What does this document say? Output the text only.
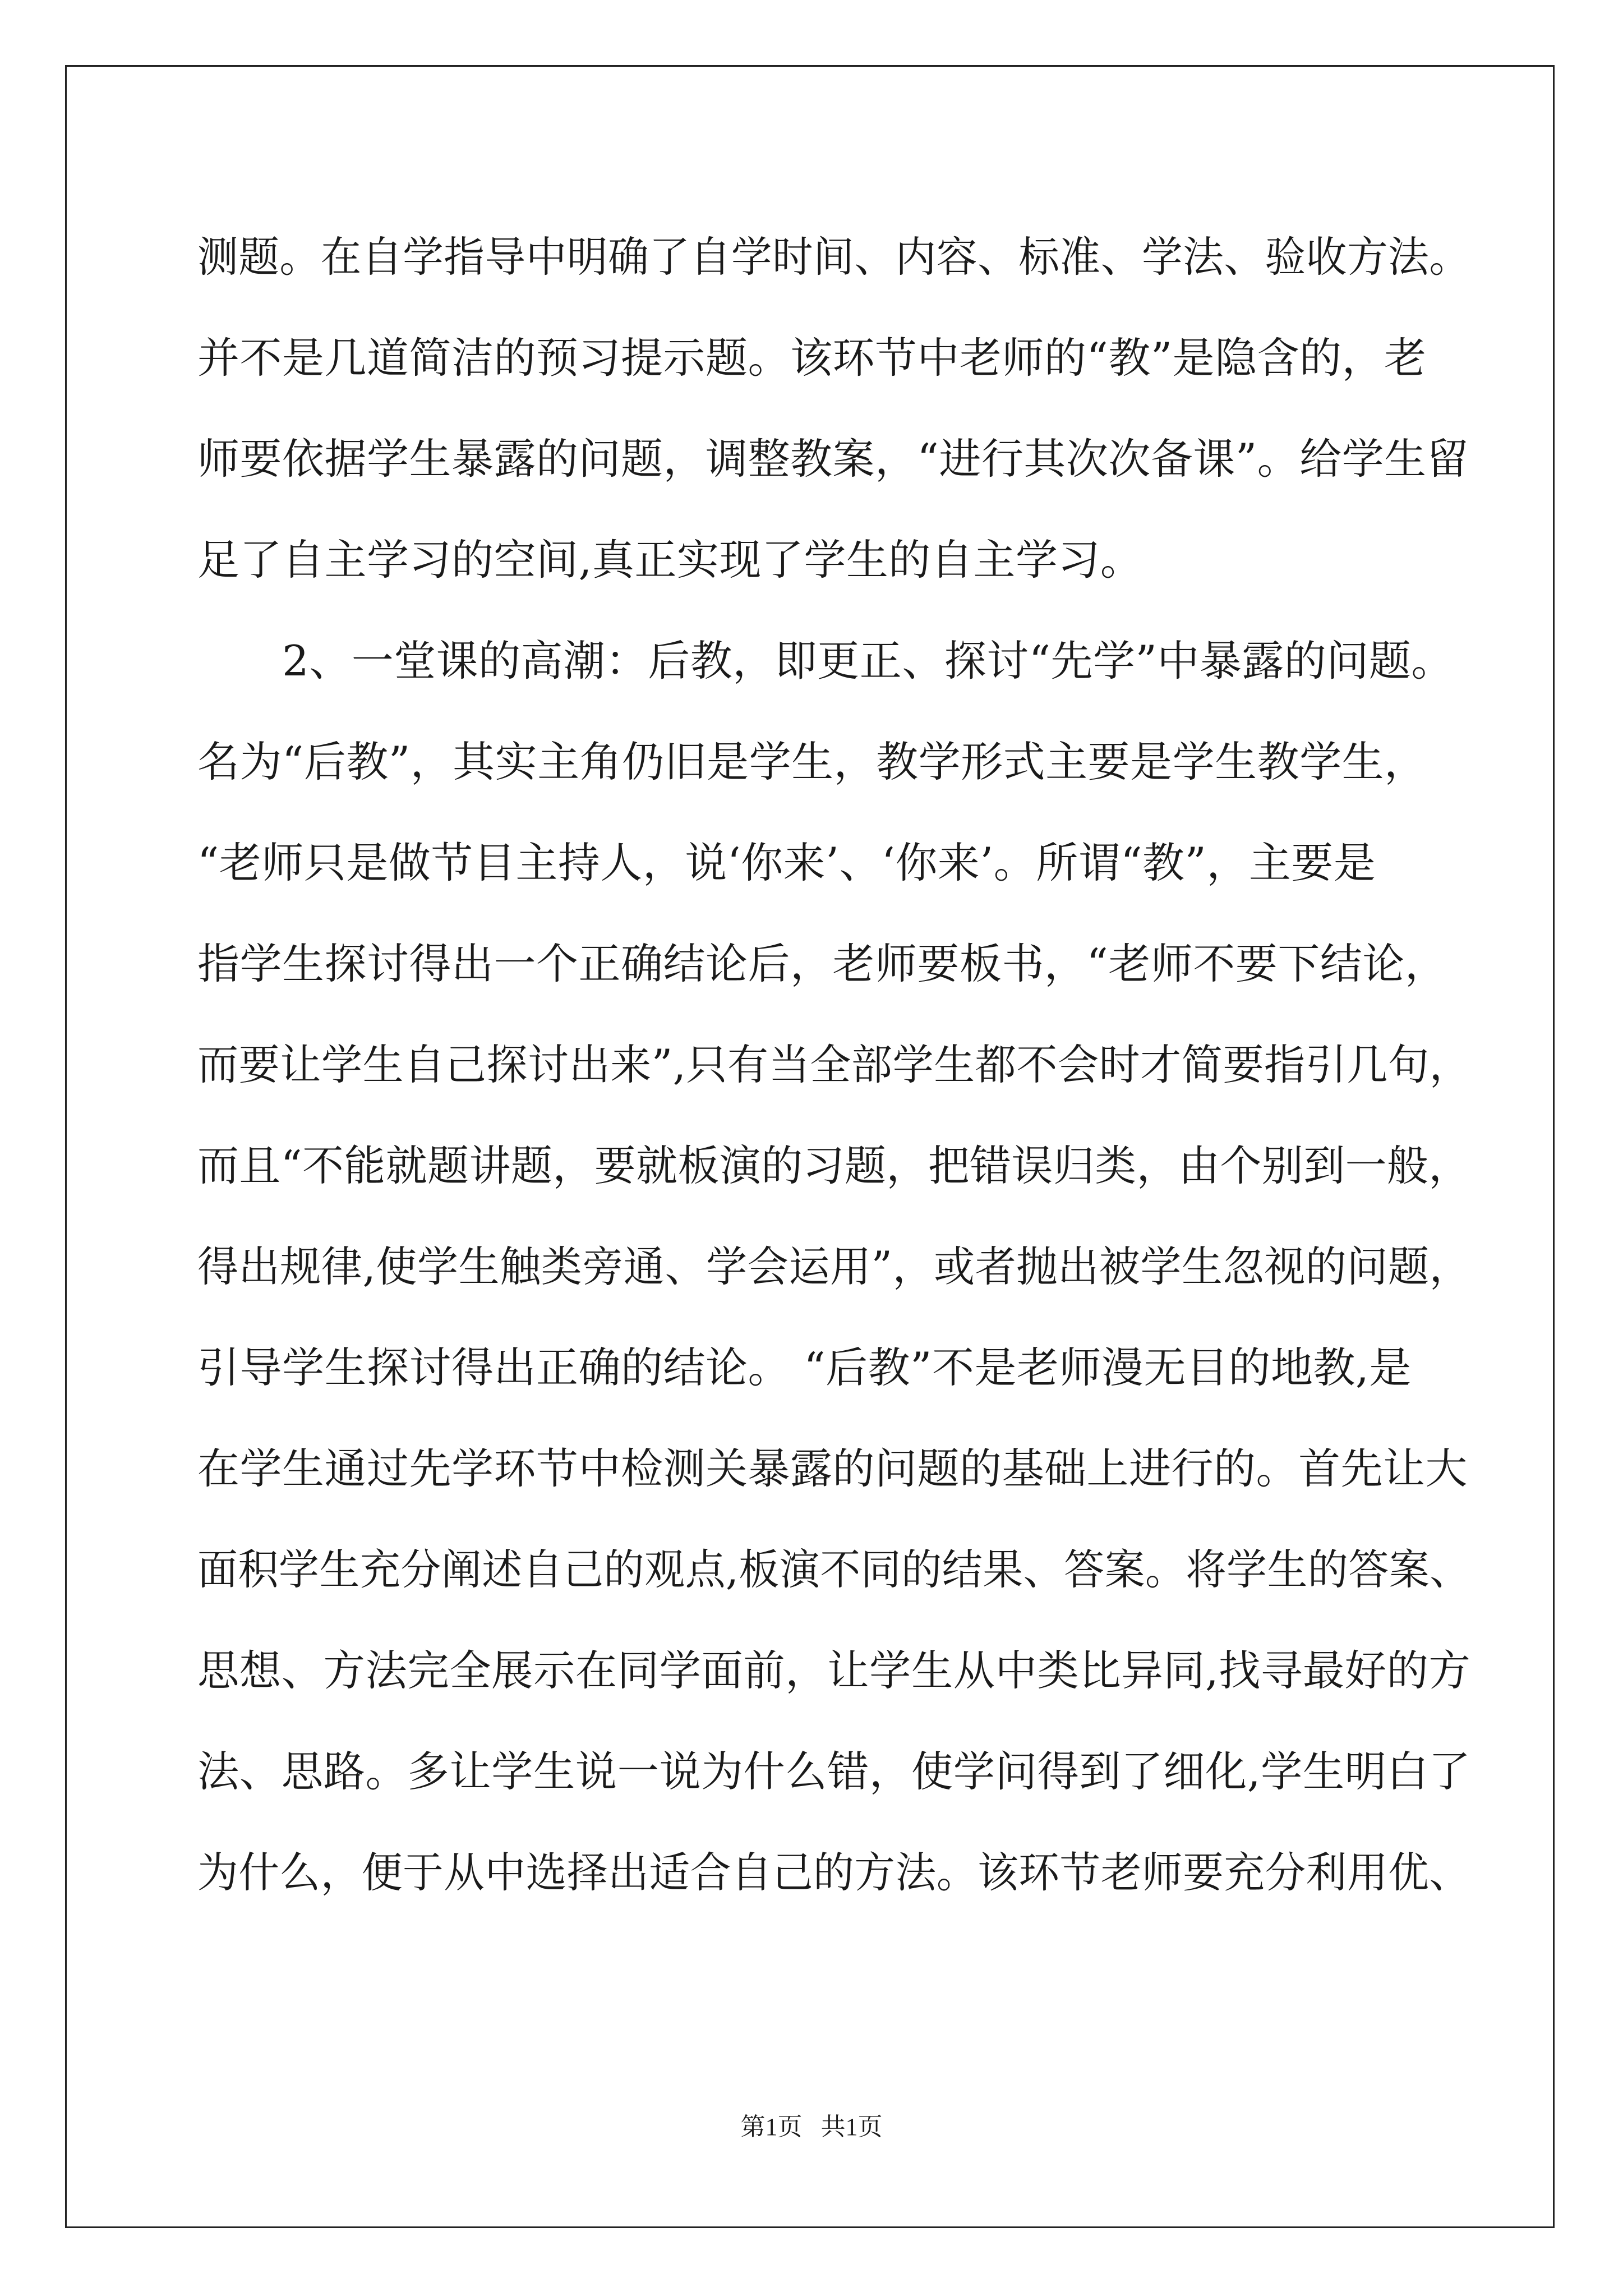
测题。在自学指导中明确了自学时间、内容、标准、学法、验收方法。
并不是几道简洁的预习提示题。该环节中老师的“教”是隐含的，老
师要依据学生暴露的问题，调整教案，“进行其次次备课”。给学生留
足了自主学习的空间,真正实现了学生的自主学习。
　　2、一堂课的高潮：后教，即更正、探讨“先学”中暴露的问题。
名为“后教”，其实主角仍旧是学生，教学形式主要是学生教学生，
“老师只是做节目主持人，说‘你来’、‘你来’。所谓“教”，主要是
指学生探讨得出一个正确结论后，老师要板书，“老师不要下结论，
而要让学生自己探讨出来”,只有当全部学生都不会时才简要指引几句，
而且“不能就题讲题，要就板演的习题，把错误归类，由个别到一般，
得出规律,使学生触类旁通、学会运用”，或者抛出被学生忽视的问题，
引导学生探讨得出正确的结论。 “后教”不是老师漫无目的地教,是
在学生通过先学环节中检测关暴露的问题的基础上进行的。首先让大
面积学生充分阐述自己的观点,板演不同的结果、答案。将学生的答案、
思想、方法完全展示在同学面前，让学生从中类比异同,找寻最好的方
法、思路。多让学生说一说为什么错，使学问得到了细化,学生明白了
为什么，便于从中选择出适合自己的方法。该环节老师要充分利用优、
第1页   共1页
